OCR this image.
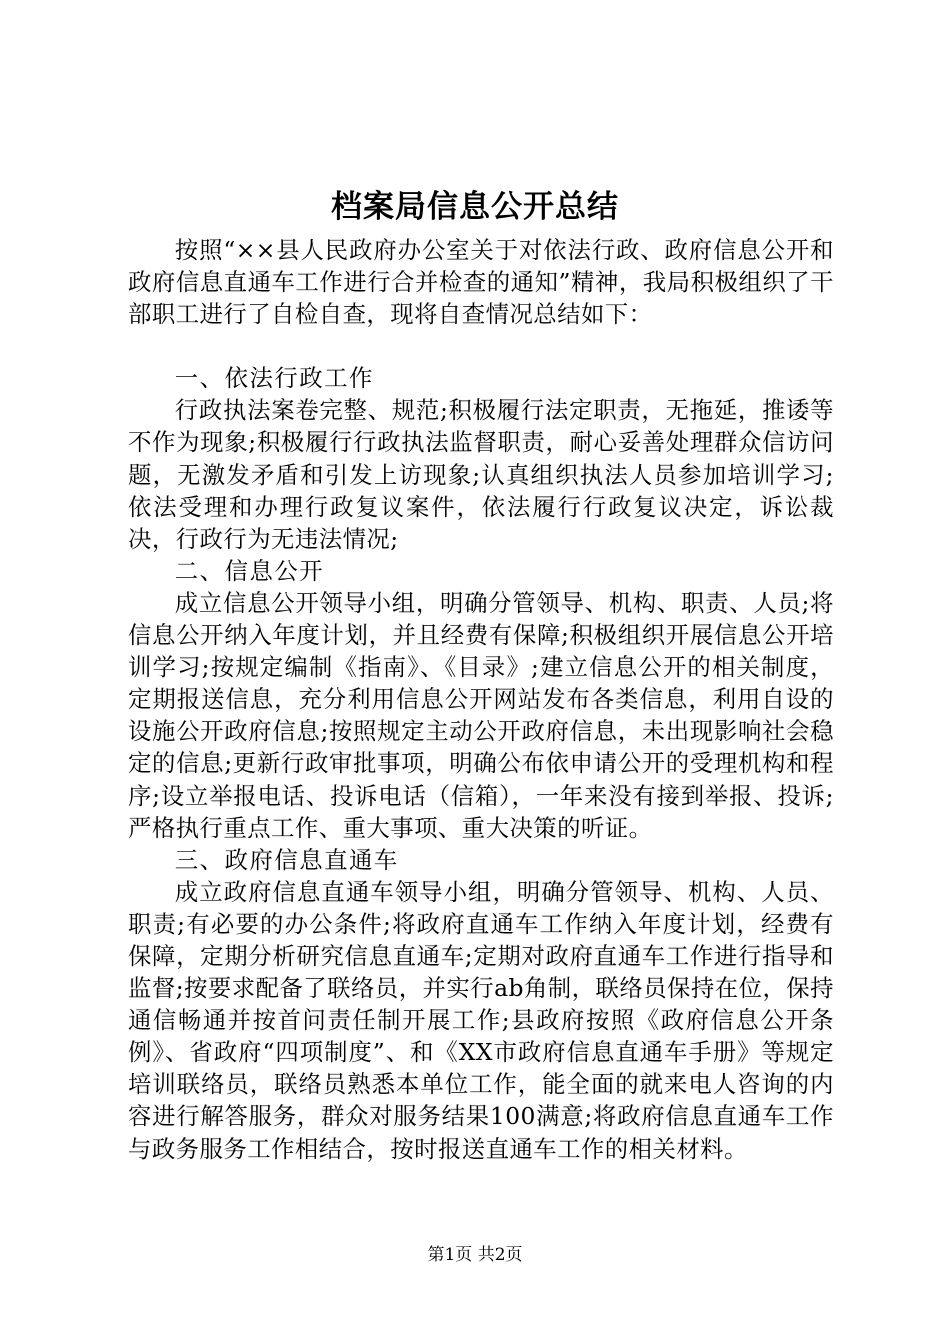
档案局信息公开总结

按照“××县人民政府办公室关于对依法行政、政府信息公开和政府信息直通车工作进行合并检查的通知”精神，我局积极组织了干部职工进行了自检自查，现将自查情况总结如下：

一、依法行政工作

行政执法案卷完整、规范;积极履行法定职责，无拖延，推诿等不作为现象;积极履行行政执法监督职责，耐心妥善处理群众信访问题，无激发矛盾和引发上访现象;认真组织执法人员参加培训学习;依法受理和办理行政复议案件，依法履行行政复议决定，诉讼裁决，行政行为无违法情况;

二、信息公开

成立信息公开领导小组，明确分管领导、机构、职责、人员;将信息公开纳入年度计划，并且经费有保障;积极组织开展信息公开培训学习;按规定编制《指南》、《目录》;建立信息公开的相关制度，定期报送信息，充分利用信息公开网站发布各类信息，利用自设的设施公开政府信息;按照规定主动公开政府信息，未出现影响社会稳定的信息;更新行政审批事项，明确公布依申请公开的受理机构和程序;设立举报电话、投诉电话（信箱），一年来没有接到举报、投诉;严格执行重点工作、重大事项、重大决策的听证。

三、政府信息直通车

成立政府信息直通车领导小组，明确分管领导、机构、人员、职责;有必要的办公条件;将政府直通车工作纳入年度计划，经费有保障，定期分析研究信息直通车;定期对政府直通车工作进行指导和监督;按要求配备了联络员，并实行ab角制，联络员保持在位，保持通信畅通并按首问责任制开展工作;县政府按照《政府信息公开条例》、省政府“四项制度”、和《XX市政府信息直通车手册》等规定培训联络员，联络员熟悉本单位工作，能全面的就来电人咨询的内容进行解答服务，群众对服务结果100满意;将政府信息直通车工作与政务服务工作相结合，按时报送直通车工作的相关材料。

第1页 共2页
